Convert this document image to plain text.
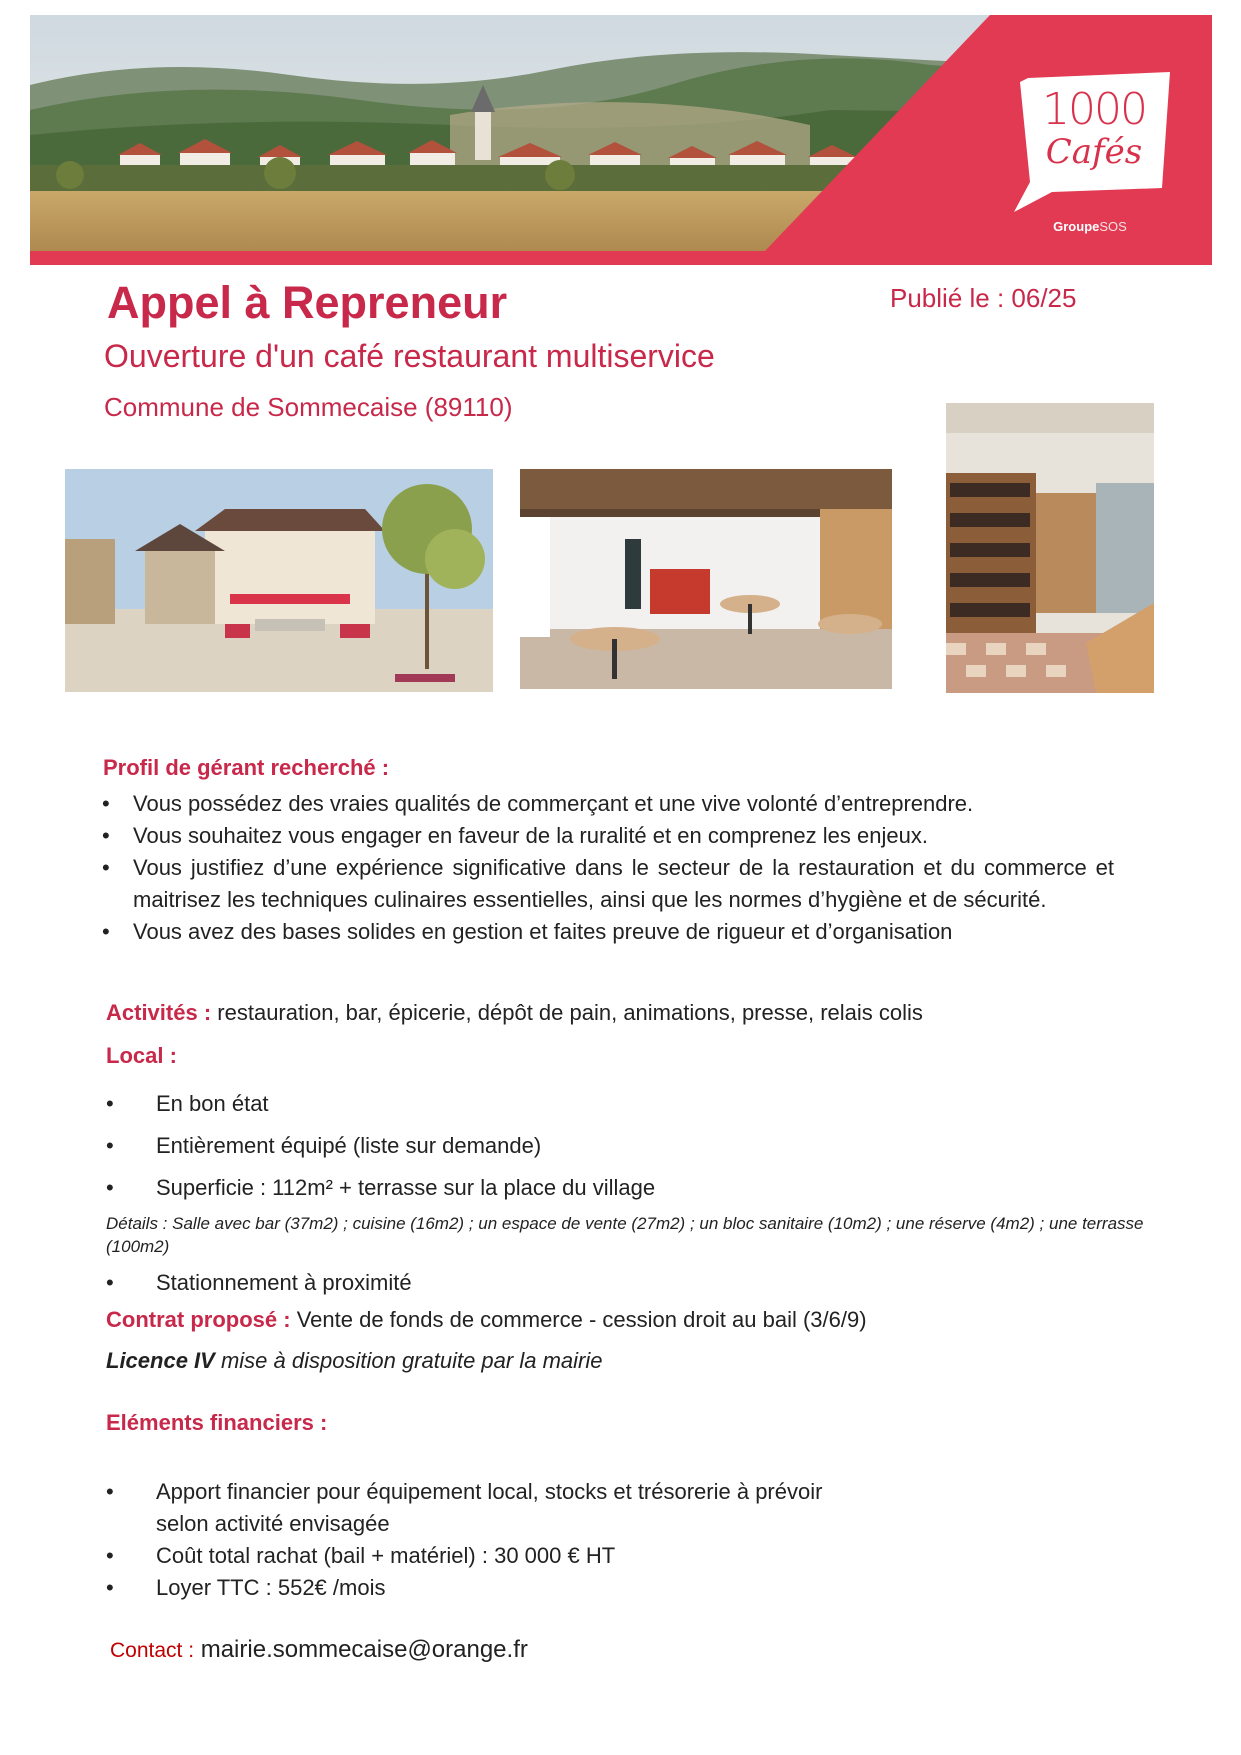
1000
Cafés
GroupeSOS
Appel à Repreneur	Publié le : 06/25
Ouverture d'un café restaurant multiservice
Commune de Sommecaise (89110)
Profil de gérant recherché :
• Vous possédez des vraies qualités de commerçant et une vive volonté d’entreprendre.
• Vous souhaitez vous engager en faveur de la ruralité et en comprenez les enjeux.
• Vous justifiez d’une expérience significative dans le secteur de la restauration et du commerce et maitrisez les techniques culinaires essentielles, ainsi que les normes d’hygiène et de sécurité.
• Vous avez des bases solides en gestion et faites preuve de rigueur et d’organisation
Activités : restauration, bar, épicerie, dépôt de pain, animations, presse, relais colis
Local :
• En bon état
• Entièrement équipé (liste sur demande)
• Superficie : 112m² + terrasse sur la place du village
Détails : Salle avec bar (37m2) ; cuisine (16m2) ; un espace de vente (27m2) ; un bloc sanitaire (10m2) ; une réserve (4m2) ; une terrasse (100m2)
• Stationnement à proximité
Contrat proposé : Vente de fonds de commerce - cession droit au bail (3/6/9)
Licence IV mise à disposition gratuite par la mairie
Eléments financiers :
• Apport financier pour équipement local, stocks et trésorerie à prévoir selon activité envisagée
• Coût total rachat (bail + matériel) : 30 000 € HT
• Loyer TTC : 552€ /mois
Contact : mairie.sommecaise@orange.fr
